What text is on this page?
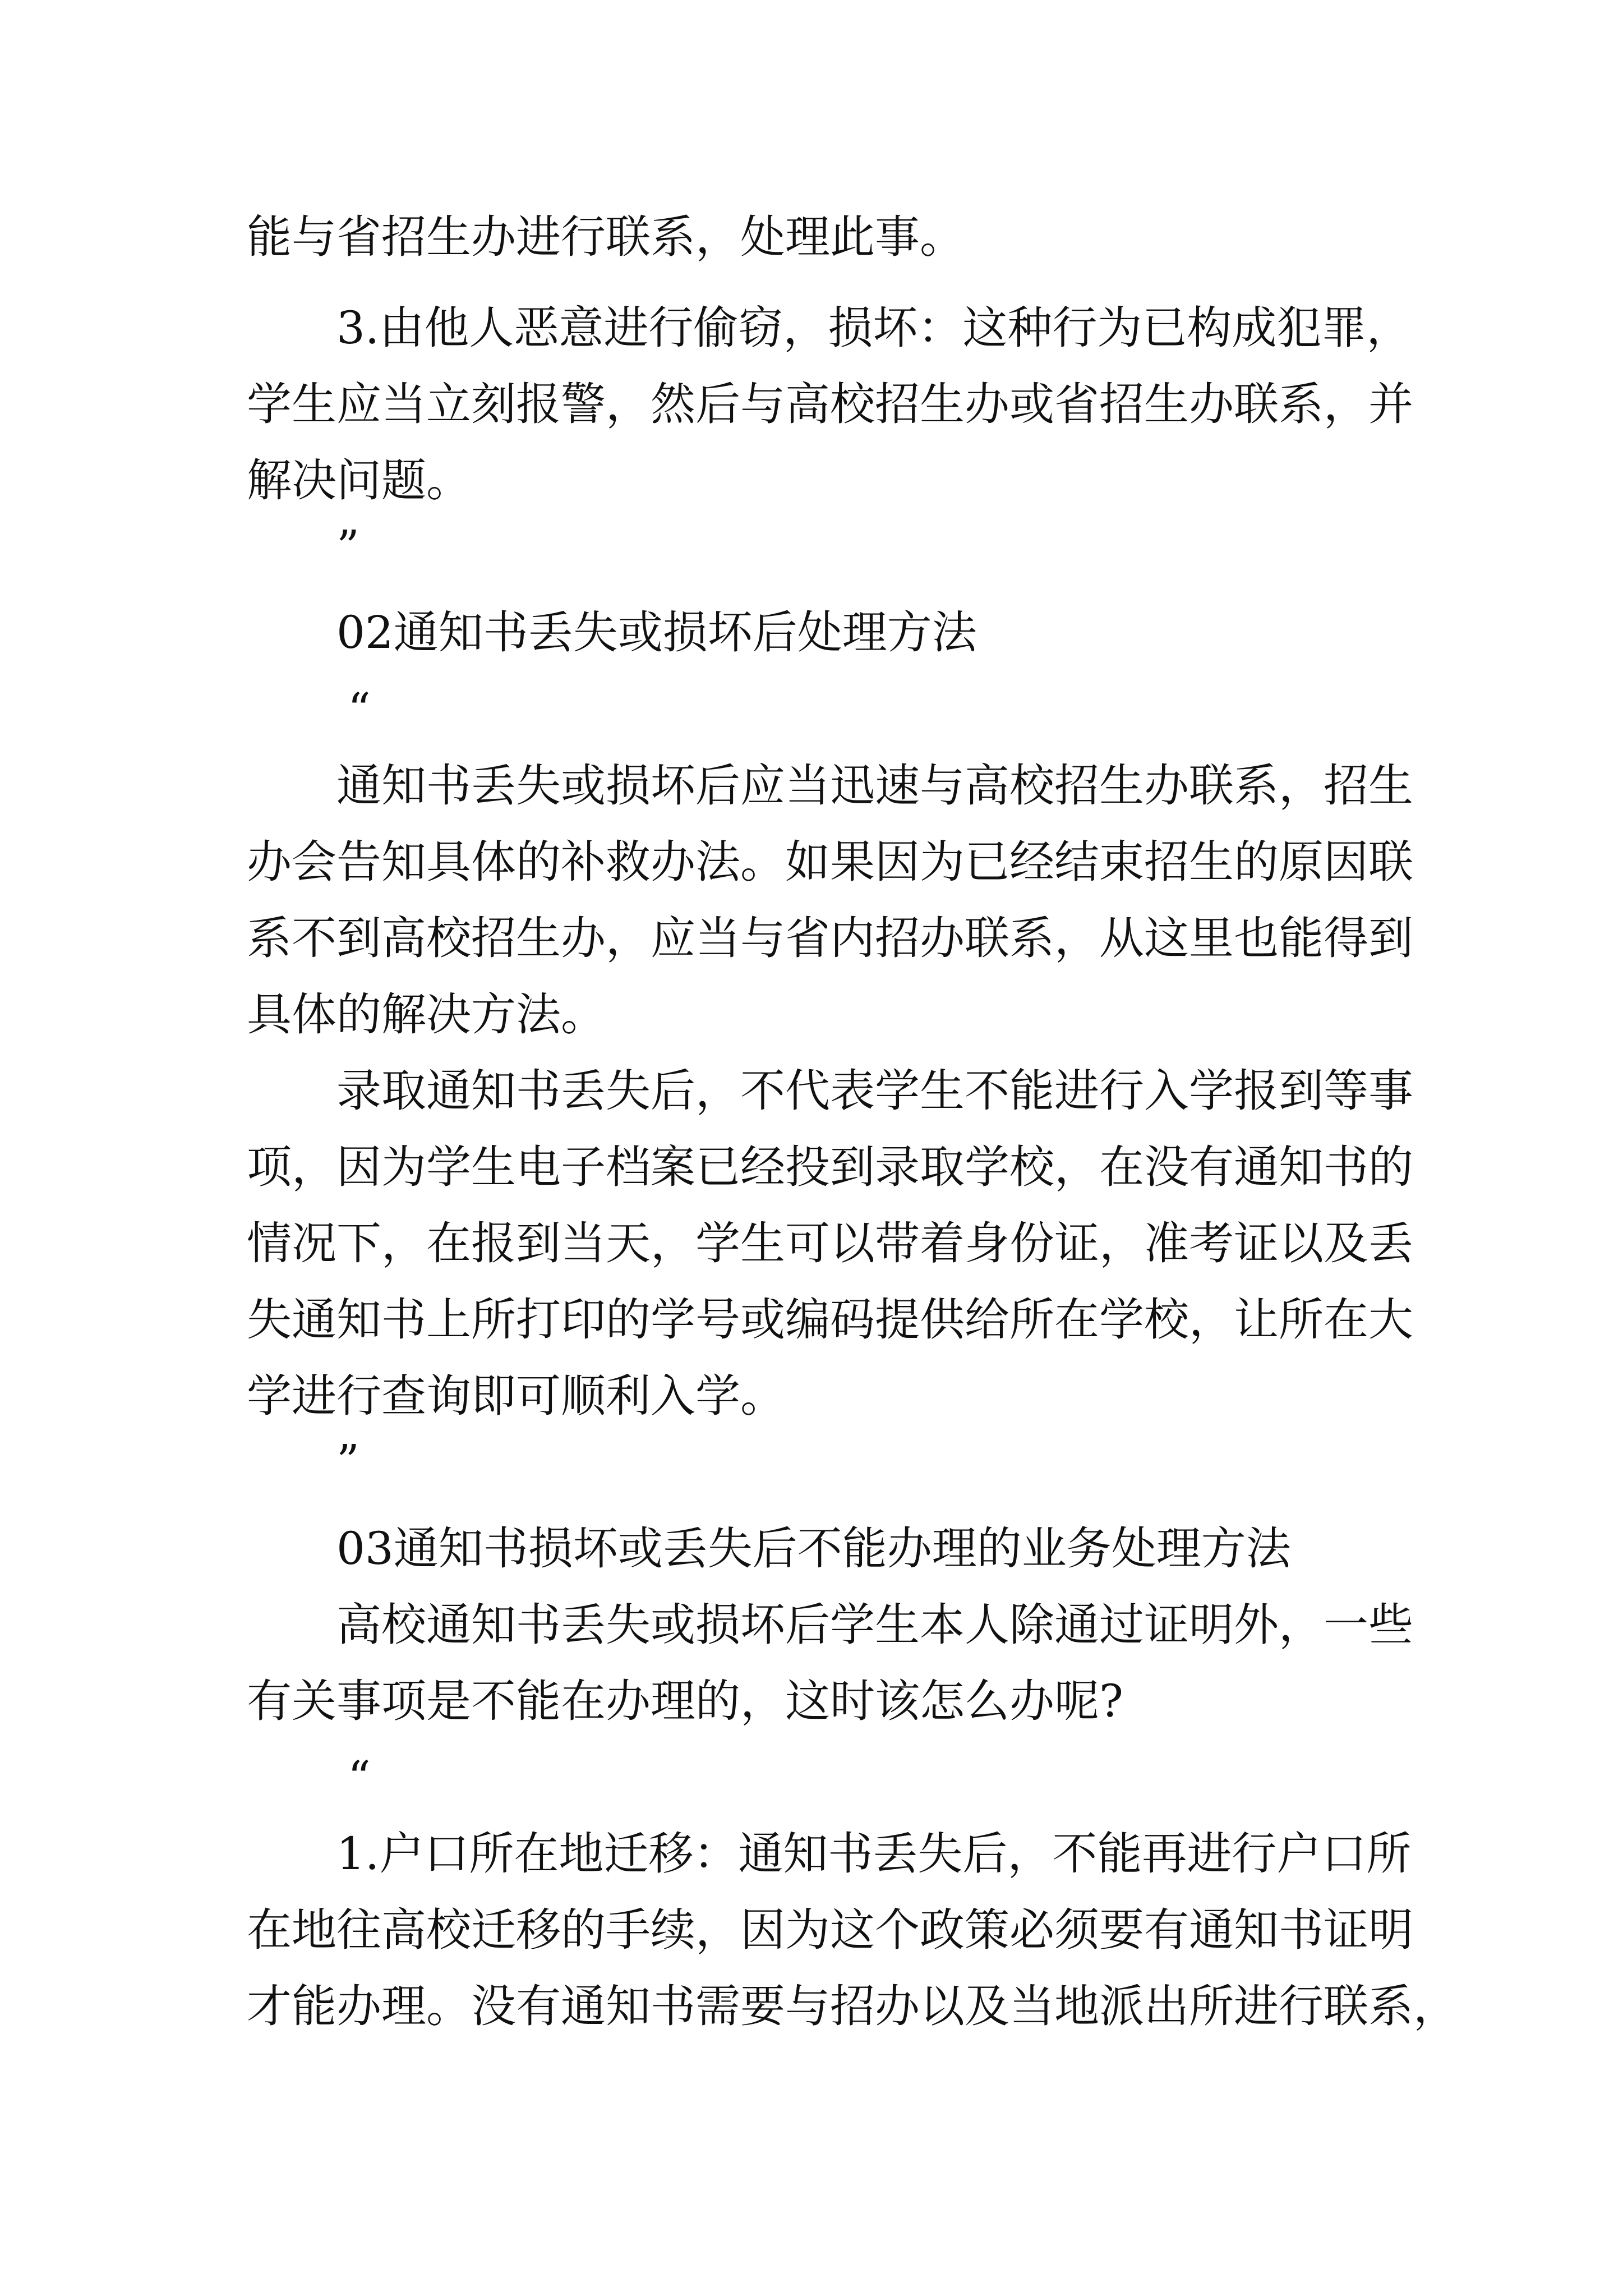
能与省招生办进行联系，处理此事。
3.由他人恶意进行偷窃，损坏：这种行为已构成犯罪，
学生应当立刻报警，然后与高校招生办或省招生办联系，并
解决问题。
”
02通知书丢失或损坏后处理方法
“
通知书丢失或损坏后应当迅速与高校招生办联系，招生
办会告知具体的补救办法。如果因为已经结束招生的原因联
系不到高校招生办，应当与省内招办联系，从这里也能得到
具体的解决方法。
录取通知书丢失后，不代表学生不能进行入学报到等事
项，因为学生电子档案已经投到录取学校，在没有通知书的
情况下，在报到当天，学生可以带着身份证，准考证以及丢
失通知书上所打印的学号或编码提供给所在学校，让所在大
学进行查询即可顺利入学。
”
03通知书损坏或丢失后不能办理的业务处理方法
高校通知书丢失或损坏后学生本人除通过证明外，一些
有关事项是不能在办理的，这时该怎么办呢?
“
1.户口所在地迁移：通知书丢失后，不能再进行户口所
在地往高校迁移的手续，因为这个政策必须要有通知书证明
才能办理。没有通知书需要与招办以及当地派出所进行联系，
